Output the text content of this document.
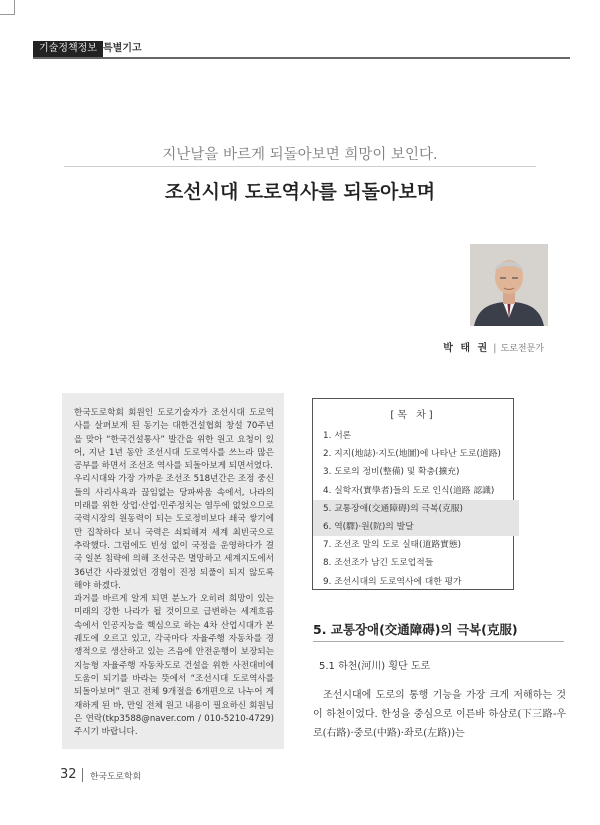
기술정책정보 특별기고
지난날을 바르게 되돌아보면 희망이 보인다.
조선시대 도로역사를 되돌아보며
박 태 권 | 도로전문가

한국도로학회 회원인 도로기술자가 조선시대 도로역사를 살펴보게 된 동기는 대한건설협회 창설 70주년을 맞아 “한국건설통사” 발간을 위한 원고 요청이 있어, 지난 1년 동안 조선시대 도로역사를 쓰느라 많은 공부를 하면서 조선조 역사를 되돌아보게 되면서였다.

우리시대와 가장 가까운 조선조 518년간은 조정 중신들의 사리사욕과 끊임없는 당파싸움 속에서, 나라의 미래를 위한 상업·산업·민주정치는 염두에 없었으므로 국력시장의 원동력이 되는 도로정비보다 쇄국 쌓기에만 집착하다 보니 국력은 쇠퇴해져 세계 최빈국으로 추락했다. 그럼에도 빈성 없이 국정을 운영하다가 결국 일본 침략에 의해 조선국은 멸망하고 세계지도에서 36년간 사라졌었던 경험이 진정 되풀이 되지 않도록 해야 하겠다.

과거를 바르게 알게 되면 분노가 오히려 희망이 있는 미래의 강한 나라가 될 것이므로 급변하는 세계흐름 속에서 인공지능을 핵심으로 하는 4차 산업시대가 본 궤도에 오르고 있고, 각국마다 자율주행 자동차를 경쟁적으로 생산하고 있는 즈음에 안전운행이 보장되는 지능형 자율주행 자동차도로 건설을 위한 사전대비에 도움이 되기를 바라는 뜻에서 “조선시대 도로역사를 되돌아보며” 원고 전체 9개절을 6개편으로 나누어 게재하게 된 바, 만일 전체 원고 내용이 필요하신 회원님은 연락(tkp3588@naver.com / 010-5210-4729) 주시기 바랍니다.

[목 차]
1. 서론
2. 지지(地誌)·지도(地圖)에 나타난 도로(道路)
3. 도로의 정비(整備) 및 확충(擴充)
4. 실학자(實學者)들의 도로 인식(道路 認識)
5. 교통장애(交通障碍)의 극복(克服)
6. 역(驛)·원(院)의 발달
7. 조선조 말의 도로 실태(道路實態)
8. 조선조가 남긴 도로업적들
9. 조선시대의 도로역사에 대한 평가
5. 교통장애(交通障碍)의 극복(克服)
5.1 하천(河川) 횡단 도로

조선시대에 도로의 통행 기능을 가장 크게 저해하는 것이 하천이었다. 한성을 중심으로 이른바 하삼로(下三路-우로(右路)·중로(中路)·좌로(左路))는

32 한국도로학회
